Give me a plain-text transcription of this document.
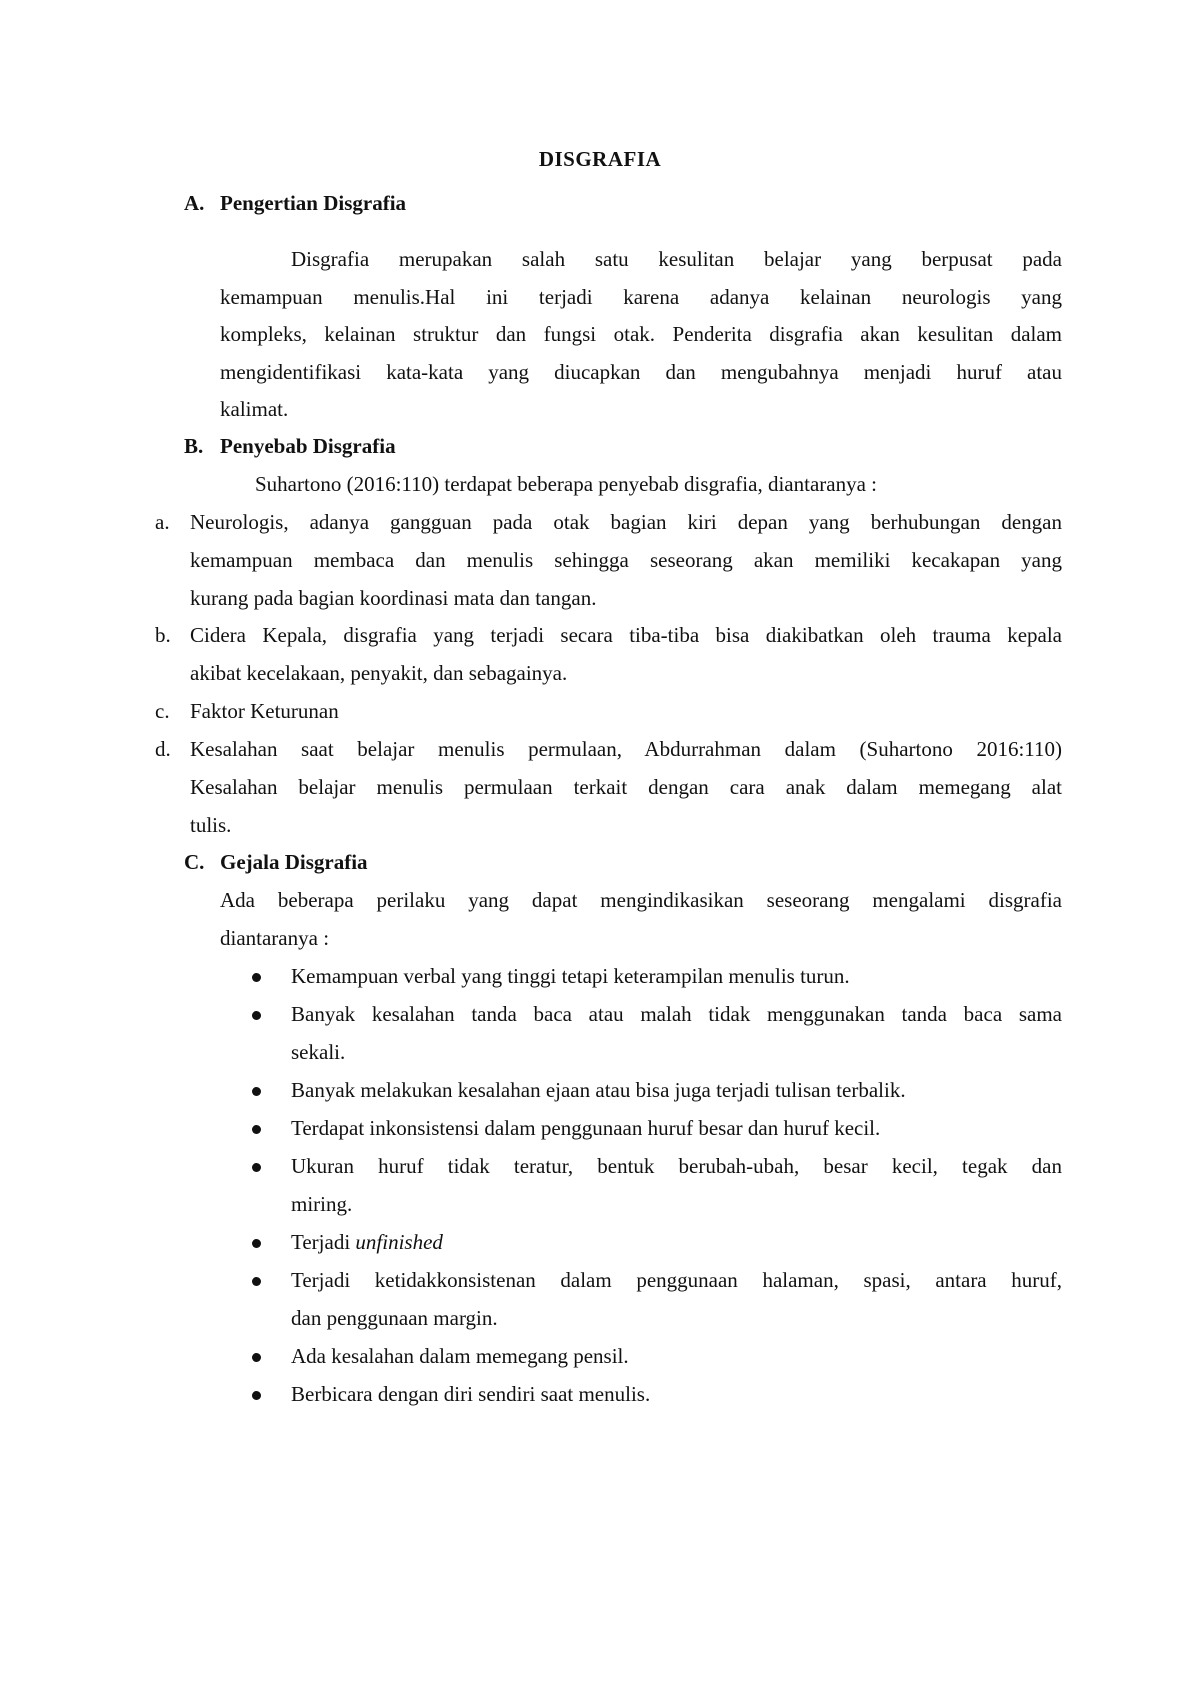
DISGRAFIA
A. Pengertian Disgrafia
Disgrafia merupakan salah satu kesulitan belajar yang berpusat pada
kemampuan menulis.Hal ini terjadi karena adanya kelainan neurologis yang
kompleks, kelainan struktur dan fungsi otak. Penderita disgrafia akan kesulitan dalam
mengidentifikasi kata-kata yang diucapkan dan mengubahnya menjadi huruf atau
kalimat.
B. Penyebab Disgrafia
Suhartono (2016:110) terdapat beberapa penyebab disgrafia, diantaranya :
a. Neurologis, adanya gangguan pada otak bagian kiri depan yang berhubungan dengan
kemampuan membaca dan menulis sehingga seseorang akan memiliki kecakapan yang
kurang pada bagian koordinasi mata dan tangan.
b. Cidera Kepala, disgrafia yang terjadi secara tiba-tiba bisa diakibatkan oleh trauma kepala
akibat kecelakaan, penyakit, dan sebagainya.
c. Faktor Keturunan
d. Kesalahan saat belajar menulis permulaan, Abdurrahman dalam (Suhartono 2016:110)
Kesalahan belajar menulis permulaan terkait dengan cara anak dalam memegang alat
tulis.
C. Gejala Disgrafia
Ada beberapa perilaku yang dapat mengindikasikan seseorang mengalami disgrafia
diantaranya :
Kemampuan verbal yang tinggi tetapi keterampilan menulis turun.
Banyak kesalahan tanda baca atau malah tidak menggunakan tanda baca sama
sekali.
Banyak melakukan kesalahan ejaan atau bisa juga terjadi tulisan terbalik.
Terdapat inkonsistensi dalam penggunaan huruf besar dan huruf kecil.
Ukuran huruf tidak teratur, bentuk berubah-ubah, besar kecil, tegak dan
miring.
Terjadi unfinished
Terjadi ketidakkonsistenan dalam penggunaan halaman, spasi, antara huruf,
dan penggunaan margin.
Ada kesalahan dalam memegang pensil.
Berbicara dengan diri sendiri saat menulis.
